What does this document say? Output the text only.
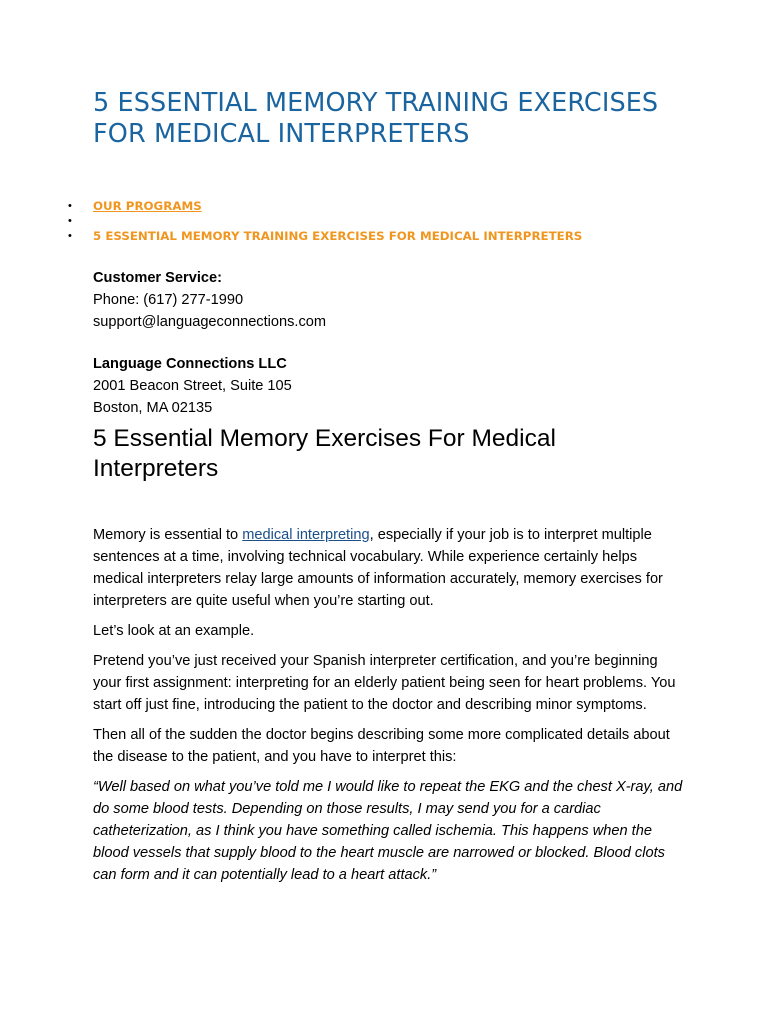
5 ESSENTIAL MEMORY TRAINING EXERCISES FOR MEDICAL INTERPRETERS
• OUR PROGRAMS
•
• 5 ESSENTIAL MEMORY TRAINING EXERCISES FOR MEDICAL INTERPRETERS
Customer Service:
Phone: (617) 277-1990
support@languageconnections.com
Language Connections LLC
2001 Beacon Street, Suite 105
Boston, MA 02135
5 Essential Memory Exercises For Medical Interpreters

Memory is essential to medical interpreting, especially if your job is to interpret multiple sentences at a time, involving technical vocabulary. While experience certainly helps medical interpreters relay large amounts of information accurately, memory exercises for interpreters are quite useful when you’re starting out.

Let’s look at an example.

Pretend you’ve just received your Spanish interpreter certification, and you’re beginning your first assignment: interpreting for an elderly patient being seen for heart problems. You start off just fine, introducing the patient to the doctor and describing minor symptoms.

Then all of the sudden the doctor begins describing some more complicated details about the disease to the patient, and you have to interpret this:

“Well based on what you’ve told me I would like to repeat the EKG and the chest X-ray, and do some blood tests. Depending on those results, I may send you for a cardiac catheterization, as I think you have something called ischemia. This happens when the blood vessels that supply blood to the heart muscle are narrowed or blocked. Blood clots can form and it can potentially lead to a heart attack.”
